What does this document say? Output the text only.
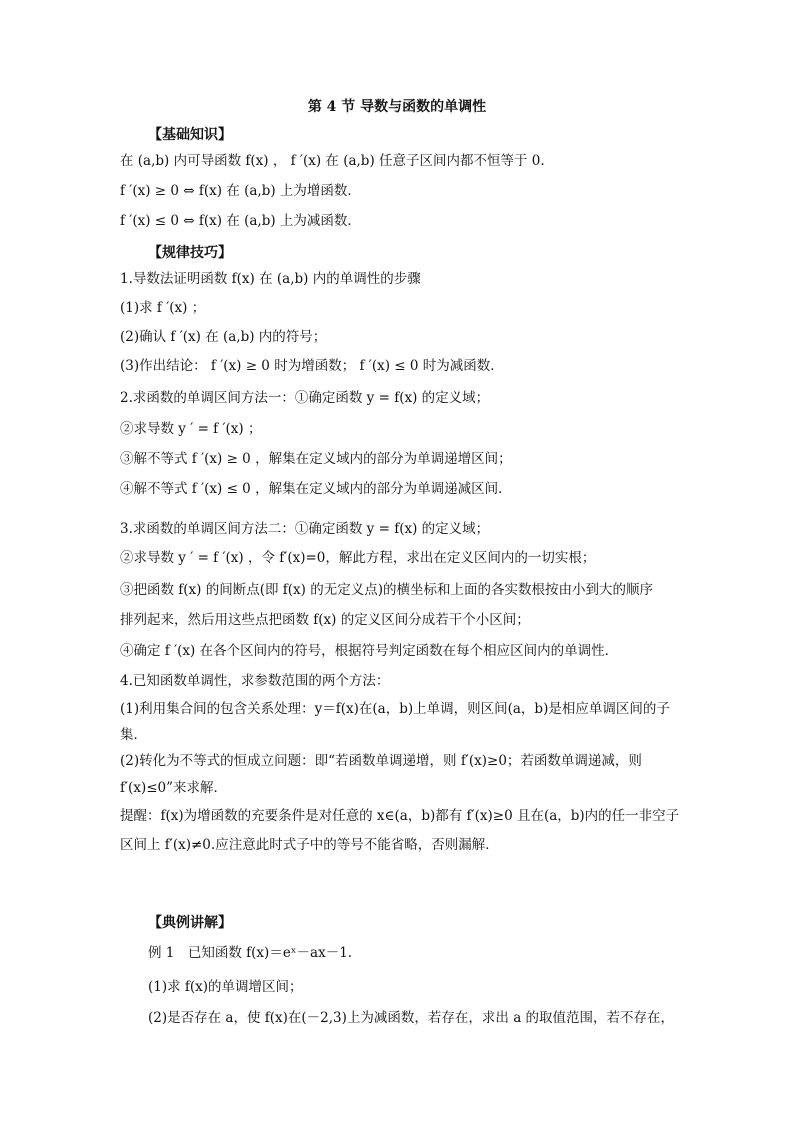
第 4 节 导数与函数的单调性
【基础知识】
在 (a,b) 内可导函数 f(x) ， f ′(x) 在 (a,b) 任意子区间内都不恒等于 0.
f ′(x) ≥ 0 ⇔ f(x) 在 (a,b) 上为增函数．
f ′(x) ≤ 0 ⇔ f(x) 在 (a,b) 上为减函数．
【规律技巧】
1.导数法证明函数 f(x) 在 (a,b) 内的单调性的步骤
(1)求 f ′(x) ；
(2)确认 f ′(x) 在 (a,b) 内的符号；
(3)作出结论： f ′(x) ≥ 0 时为增函数； f ′(x) ≤ 0 时为减函数．
2.求函数的单调区间方法一：①确定函数 y = f(x) 的定义域；
②求导数 y ′ = f ′(x) ；
③解不等式 f ′(x) ≥ 0 ，解集在定义域内的部分为单调递增区间；
④解不等式 f ′(x) ≤ 0 ，解集在定义域内的部分为单调递减区间．
3.求函数的单调区间方法二：①确定函数 y = f(x) 的定义域；
②求导数 y ′ = f ′(x) ，令 f′(x)=0，解此方程，求出在定义区间内的一切实根；
③把函数 f(x) 的间断点(即 f(x) 的无定义点)的横坐标和上面的各实数根按由小到大的顺序
排列起来，然后用这些点把函数 f(x) 的定义区间分成若干个小区间；
④确定 f ′(x) 在各个区间内的符号，根据符号判定函数在每个相应区间内的单调性．
4.已知函数单调性，求参数范围的两个方法：
(1)利用集合间的包含关系处理：y＝f(x)在(a，b)上单调，则区间(a，b)是相应单调区间的子
集．
(2)转化为不等式的恒成立问题：即“若函数单调递增，则 f′(x)≥0；若函数单调递减，则
f′(x)≤0”来求解．
提醒：f(x)为增函数的充要条件是对任意的 x∈(a，b)都有 f′(x)≥0 且在(a，b)内的任一非空子
区间上 f′(x)≠0.应注意此时式子中的等号不能省略，否则漏解．
【典例讲解】
例 1　已知函数 f(x)＝eˣ－ax－1.
(1)求 f(x)的单调增区间；
(2)是否存在 a，使 f(x)在(－2,3)上为减函数，若存在，求出 a 的取值范围，若不存在，
